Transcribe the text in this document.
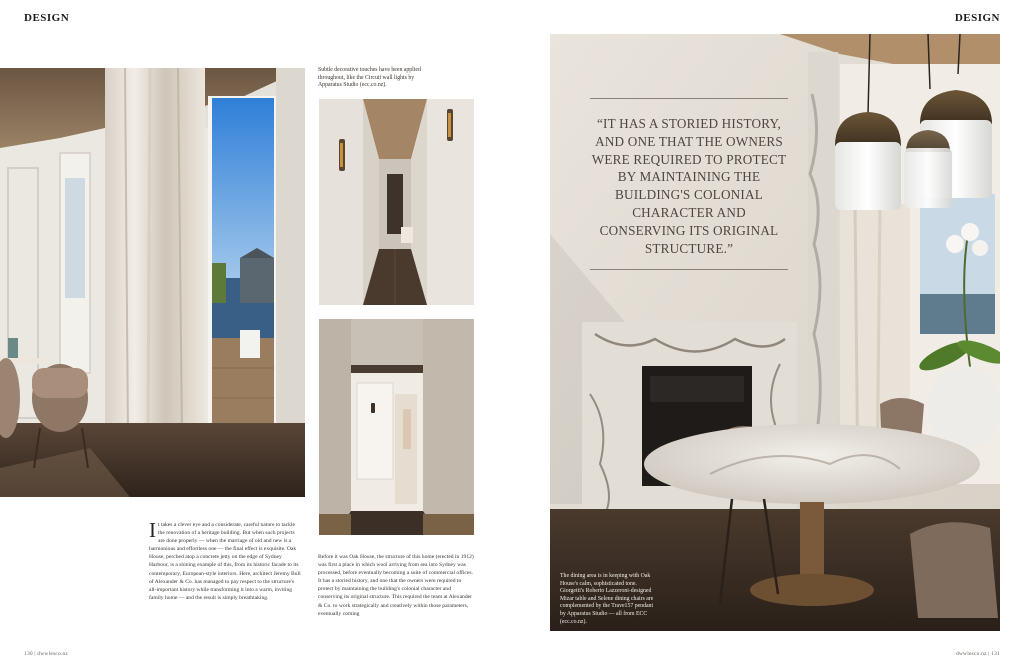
DESIGN	DESIGN

Subtle decorative touches have been applied throughout, like the Circuit wall lights by Apparatus Studio (ecc.co.nz).

I t takes a clever eye and a considerate, careful nature to tackle the renovation of a heritage building. But when such projects are done properly — when the marriage of old and new is a harmonious and effortless one — the final effect is exquisite. Oak House, perched atop a concrete jetty on the edge of Sydney Harbour, is a shining example of this, from its historic facade to its contemporary, European-style interiors. Here, architect Jeremy Bull of Alexander & Co. has managed to pay respect to the structure's all-important history while transforming it into a warm, inviting family home — and the result is simply breathtaking.

Before it was Oak House, the structure of this home (erected in 1912) was first a place in which wool arriving from sea into Sydney was processed, before eventually becoming a suite of commercial offices. It has a storied history, and one that the owners were required to protect by maintaining the building's colonial character and conserving its original structure. This required the team at Alexander & Co. to work strategically and creatively within those parameters, eventually coming

“IT HAS A STORIED HISTORY, AND ONE THAT THE OWNERS WERE REQUIRED TO PROTECT BY MAINTAINING THE BUILDING'S COLONIAL CHARACTER AND CONSERVING ITS ORIGINAL STRUCTURE.”

The dining area is in keeping with Oak House's calm, sophisticated tone. Giorgetti's Roberto Lazzeroni-designed Mizar table and Selene dining chairs are complemented by the Trave157 pendant by Apparatus Studio — all from ECC (ecc.co.nz).

130 | dwwlesco.nz	dwwlesco.nz | 131
